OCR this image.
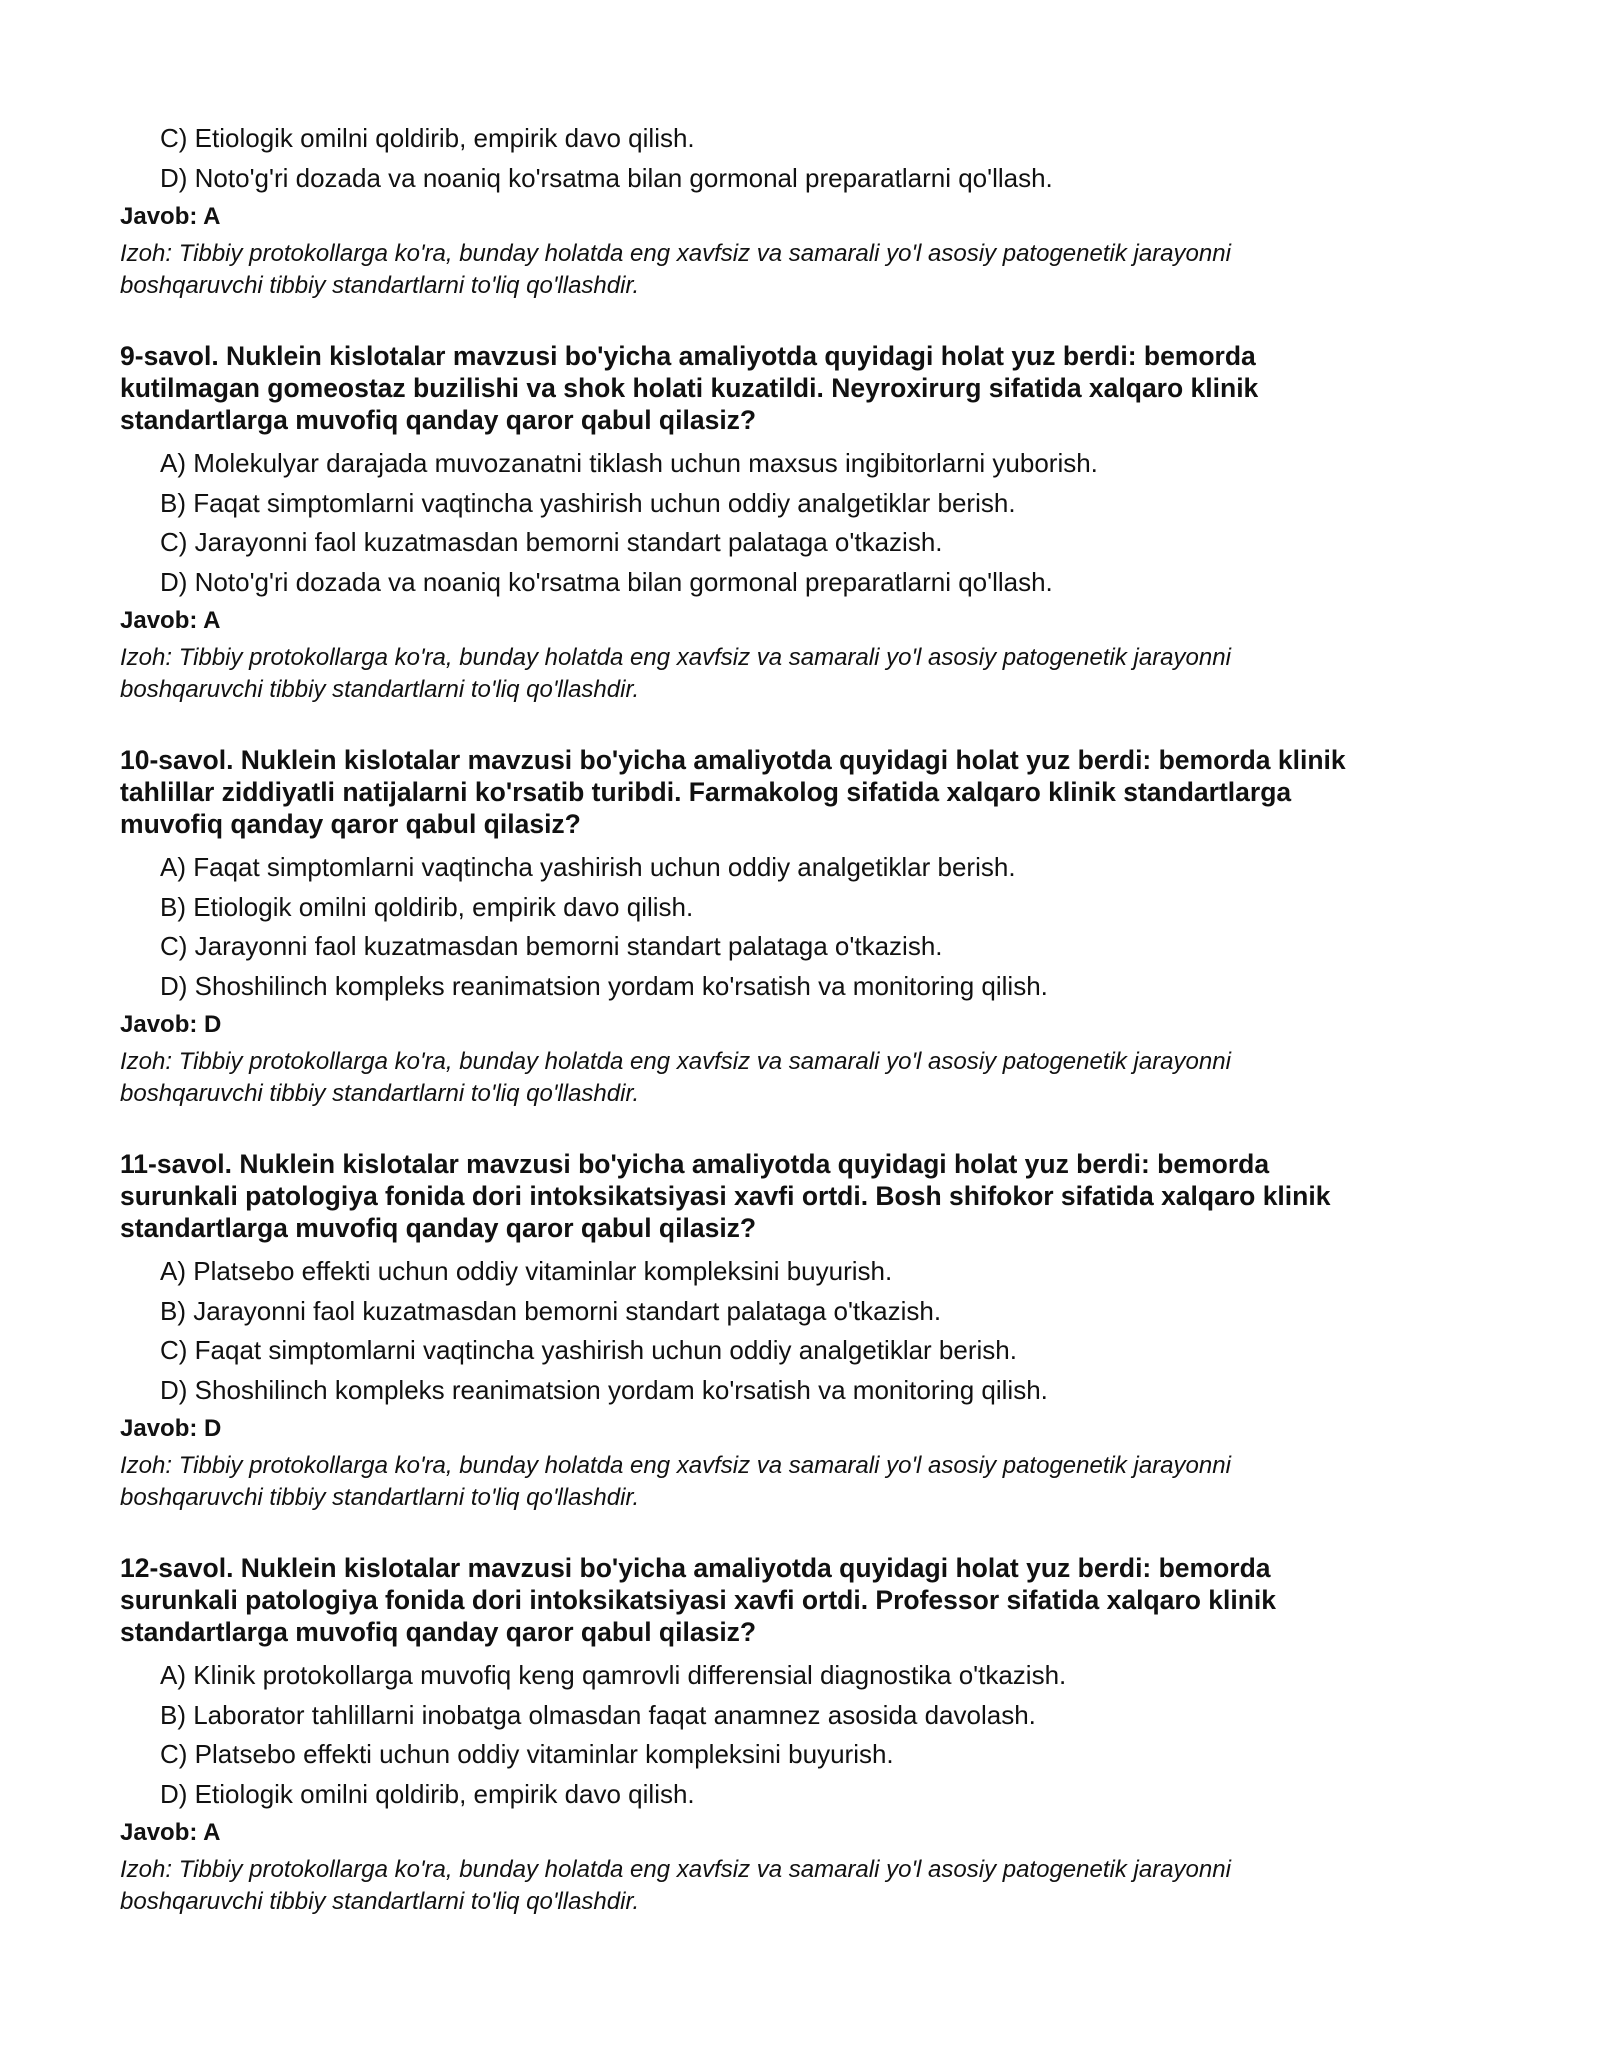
C) Etiologik omilni qoldirib, empirik davo qilish.
D) Noto'g'ri dozada va noaniq ko'rsatma bilan gormonal preparatlarni qo'llash.
Javob: A
Izoh: Tibbiy protokollarga ko'ra, bunday holatda eng xavfsiz va samarali yo'l asosiy patogenetik jarayonni
boshqaruvchi tibbiy standartlarni to'liq qo'llashdir.
9-savol. Nuklein kislotalar mavzusi bo'yicha amaliyotda quyidagi holat yuz berdi: bemorda
kutilmagan gomeostaz buzilishi va shok holati kuzatildi. Neyroxirurg sifatida xalqaro klinik
standartlarga muvofiq qanday qaror qabul qilasiz?
A) Molekulyar darajada muvozanatni tiklash uchun maxsus ingibitorlarni yuborish.
B) Faqat simptomlarni vaqtincha yashirish uchun oddiy analgetiklar berish.
C) Jarayonni faol kuzatmasdan bemorni standart palataga o'tkazish.
D) Noto'g'ri dozada va noaniq ko'rsatma bilan gormonal preparatlarni qo'llash.
Javob: A
Izoh: Tibbiy protokollarga ko'ra, bunday holatda eng xavfsiz va samarali yo'l asosiy patogenetik jarayonni
boshqaruvchi tibbiy standartlarni to'liq qo'llashdir.
10-savol. Nuklein kislotalar mavzusi bo'yicha amaliyotda quyidagi holat yuz berdi: bemorda klinik
tahlillar ziddiyatli natijalarni ko'rsatib turibdi. Farmakolog sifatida xalqaro klinik standartlarga
muvofiq qanday qaror qabul qilasiz?
A) Faqat simptomlarni vaqtincha yashirish uchun oddiy analgetiklar berish.
B) Etiologik omilni qoldirib, empirik davo qilish.
C) Jarayonni faol kuzatmasdan bemorni standart palataga o'tkazish.
D) Shoshilinch kompleks reanimatsion yordam ko'rsatish va monitoring qilish.
Javob: D
Izoh: Tibbiy protokollarga ko'ra, bunday holatda eng xavfsiz va samarali yo'l asosiy patogenetik jarayonni
boshqaruvchi tibbiy standartlarni to'liq qo'llashdir.
11-savol. Nuklein kislotalar mavzusi bo'yicha amaliyotda quyidagi holat yuz berdi: bemorda
surunkali patologiya fonida dori intoksikatsiyasi xavfi ortdi. Bosh shifokor sifatida xalqaro klinik
standartlarga muvofiq qanday qaror qabul qilasiz?
A) Platsebo effekti uchun oddiy vitaminlar kompleksini buyurish.
B) Jarayonni faol kuzatmasdan bemorni standart palataga o'tkazish.
C) Faqat simptomlarni vaqtincha yashirish uchun oddiy analgetiklar berish.
D) Shoshilinch kompleks reanimatsion yordam ko'rsatish va monitoring qilish.
Javob: D
Izoh: Tibbiy protokollarga ko'ra, bunday holatda eng xavfsiz va samarali yo'l asosiy patogenetik jarayonni
boshqaruvchi tibbiy standartlarni to'liq qo'llashdir.
12-savol. Nuklein kislotalar mavzusi bo'yicha amaliyotda quyidagi holat yuz berdi: bemorda
surunkali patologiya fonida dori intoksikatsiyasi xavfi ortdi. Professor sifatida xalqaro klinik
standartlarga muvofiq qanday qaror qabul qilasiz?
A) Klinik protokollarga muvofiq keng qamrovli differensial diagnostika o'tkazish.
B) Laborator tahlillarni inobatga olmasdan faqat anamnez asosida davolash.
C) Platsebo effekti uchun oddiy vitaminlar kompleksini buyurish.
D) Etiologik omilni qoldirib, empirik davo qilish.
Javob: A
Izoh: Tibbiy protokollarga ko'ra, bunday holatda eng xavfsiz va samarali yo'l asosiy patogenetik jarayonni
boshqaruvchi tibbiy standartlarni to'liq qo'llashdir.
